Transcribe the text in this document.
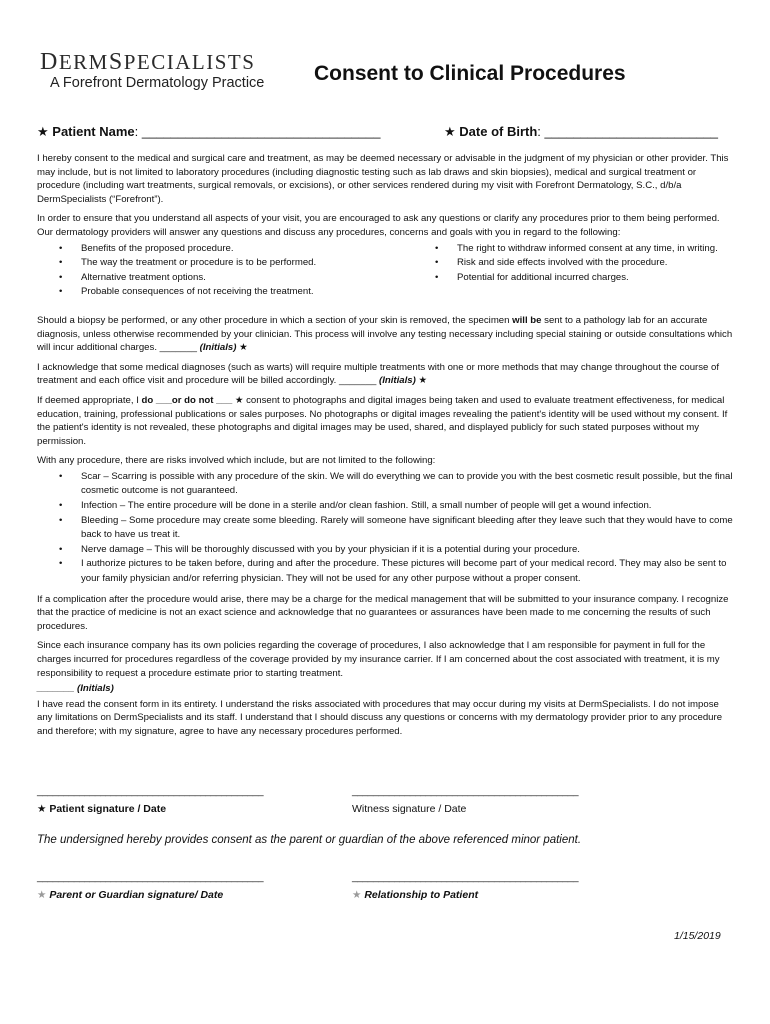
DERMSPECIALISTS
A Forefront Dermatology Practice Consent to Clinical Procedures
★ Patient Name: _________________________________	★ Date of Birth: ________________________

I hereby consent to the medical and surgical care and treatment, as may be deemed necessary or advisable in the judgment of my physician or other provider. This may include, but is not limited to laboratory procedures (including diagnostic testing such as lab draws and skin biopsies), medical and surgical treatment or procedure (including wart treatments, surgical removals, or excisions), or other services rendered during my visit with Forefront Dermatology, S.C., d/b/a DermSpecialists (“Forefront”).

In order to ensure that you understand all aspects of your visit, you are encouraged to ask any questions or clarify any procedures prior to them being performed. Our dermatology providers will answer any questions and discuss any procedures, concerns and goals with you in regard to the following:

• Benefits of the proposed procedure.
• The way the treatment or procedure is to be performed.
• Alternative treatment options.
• Probable consequences of not receiving the treatment.
• The right to withdraw informed consent at any time, in writing.
• Risk and side effects involved with the procedure.
• Potential for additional incurred charges.

Should a biopsy be performed, or any other procedure in which a section of your skin is removed, the specimen will be sent to a pathology lab for an accurate diagnosis, unless otherwise recommended by your clinician. This process will involve any testing necessary including special staining or outside consultations which will incur additional charges. _______ (Initials) ★

I acknowledge that some medical diagnoses (such as warts) will require multiple treatments with one or more methods that may change throughout the course of treatment and each office visit and procedure will be billed accordingly. _______ (Initials) ★

If deemed appropriate, I do ___or do not ___ ★ consent to photographs and digital images being taken and used to evaluate treatment effectiveness, for medical education, training, professional publications or sales purposes. No photographs or digital images revealing the patient's identity will be used without my consent. If the patient's identity is not revealed, these photographs and digital images may be used, shared, and displayed publicly for such stated purposes without my permission.

With any procedure, there are risks involved which include, but are not limited to the following:

• Scar – Scarring is possible with any procedure of the skin. We will do everything we can to provide you with the best cosmetic result possible, but the final cosmetic outcome is not guaranteed.
• Infection – The entire procedure will be done in a sterile and/or clean fashion. Still, a small number of people will get a wound infection.
• Bleeding – Some procedure may create some bleeding. Rarely will someone have significant bleeding after they leave such that they would have to come back to have us treat it.
• Nerve damage – This will be thoroughly discussed with you by your physician if it is a potential during your procedure.
• I authorize pictures to be taken before, during and after the procedure. These pictures will become part of your medical record. They may also be sent to your family physician and/or referring physician. They will not be used for any other purpose without a proper consent.

If a complication after the procedure would arise, there may be a charge for the medical management that will be submitted to your insurance company. I recognize that the practice of medicine is not an exact science and acknowledge that no guarantees or assurances have been made to me concerning the results of such procedures.

Since each insurance company has its own policies regarding the coverage of procedures, I also acknowledge that I am responsible for payment in full for the charges incurred for procedures regardless of the coverage provided by my insurance carrier. If I am concerned about the cost associated with treatment, it is my responsibility to request a procedure estimate prior to starting treatment.

_______ (Initials)

I have read the consent form in its entirety. I understand the risks associated with procedures that may occur during my visits at DermSpecialists. I do not impose any limitations on DermSpecialists and its staff. I understand that I should discuss any questions or concerns with my dermatology provider prior to any procedure and therefore; with my signature, agree to have any necessary procedures performed.

___________________________________________	___________________________________________
★ Patient signature / Date	Witness signature / Date
The undersigned hereby provides consent as the parent or guardian of the above referenced minor patient.
___________________________________________	___________________________________________
★ Parent or Guardian signature/ Date	★ Relationship to Patient
1/15/2019
